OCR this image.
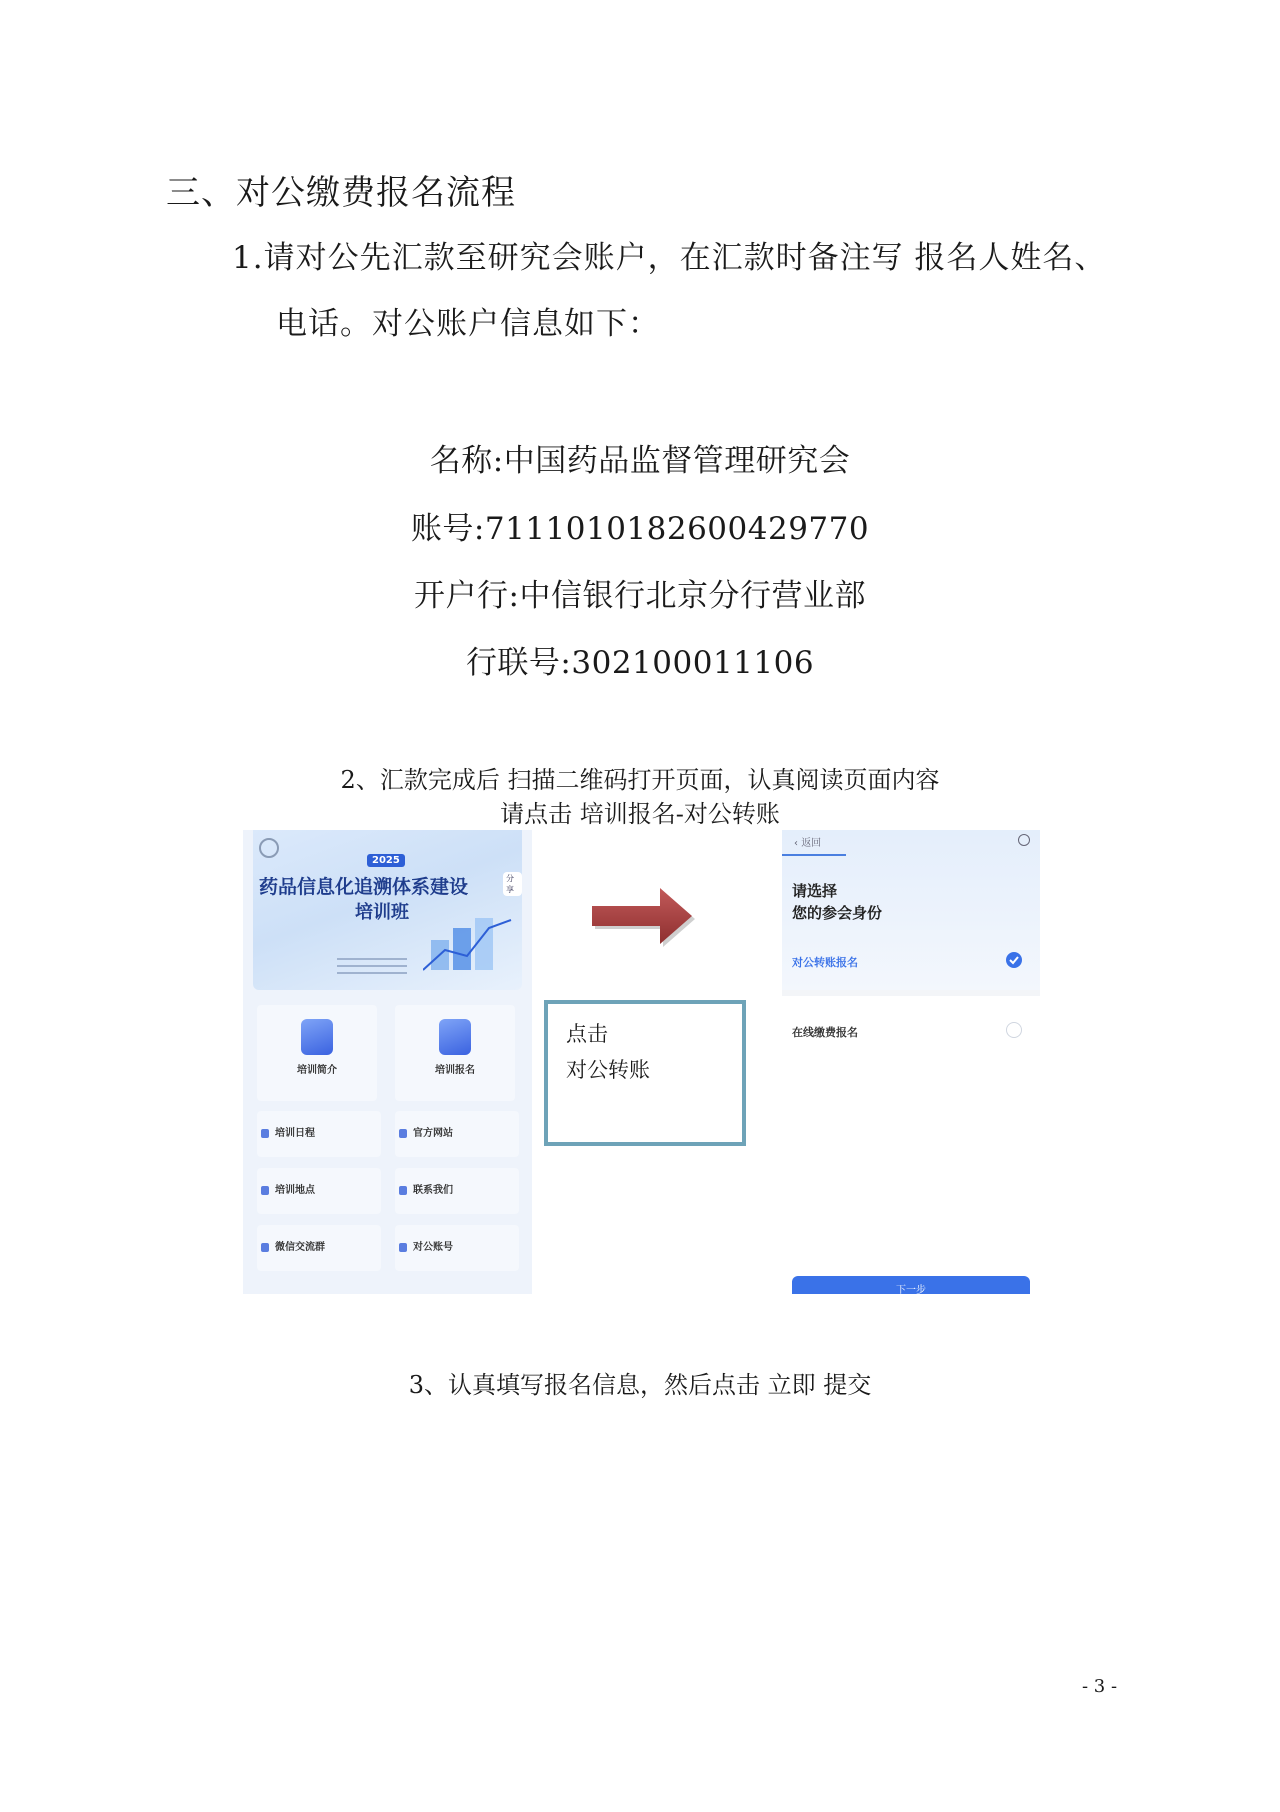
三、对公缴费报名流程
1.请对公先汇款至研究会账户，在汇款时备注写 报名人姓名、
电话。对公账户信息如下：
名称:中国药品监督管理研究会
账号:7111010182600429770
开户行:中信银行北京分行营业部
行联号:302100011106
2、汇款完成后 扫描二维码打开页面，认真阅读页面内容
请点击 培训报名-对公转账
2025
药品信息化追溯体系建设
培训班
分享
培训简介	培训报名
培训日程	官方网站
培训地点	联系我们
微信交流群	对公账号
点击
对公转账
‹ 返回
请选择
您的参会身份
对公转账报名
在线缴费报名
下一步
3、认真填写报名信息，然后点击 立即 提交
- 3 -
